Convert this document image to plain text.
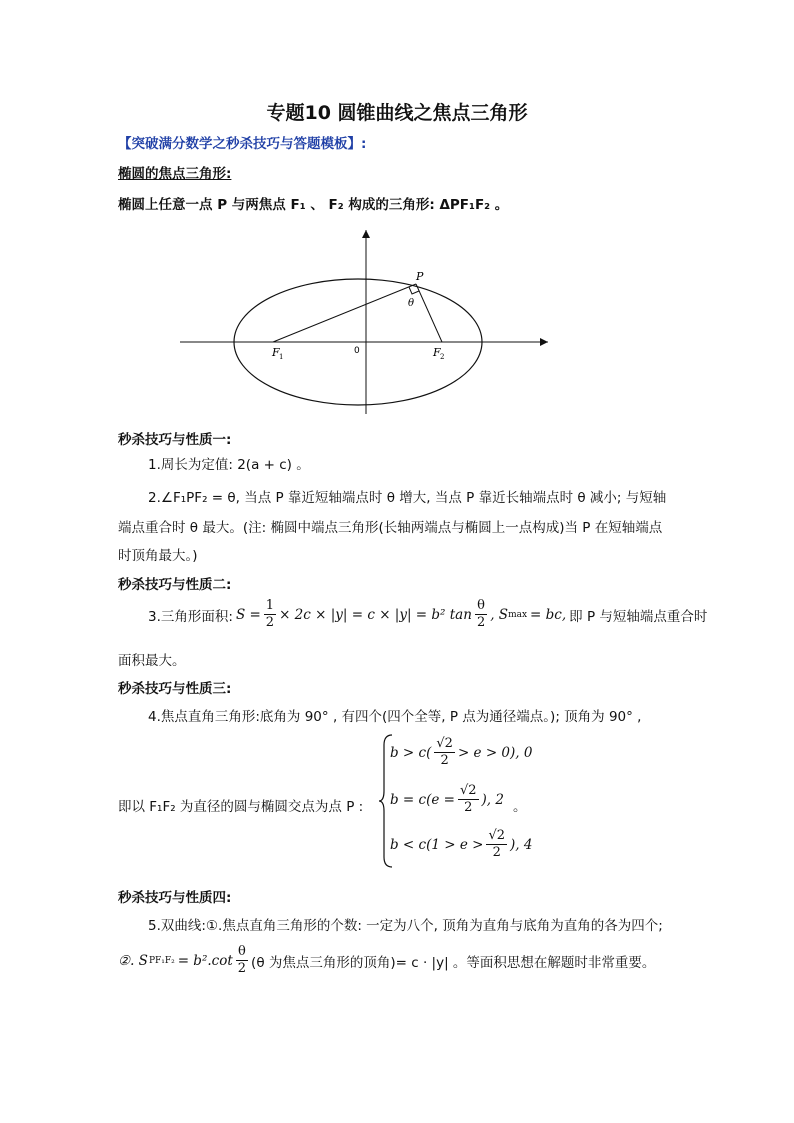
专题10 圆锥曲线之焦点三角形
【突破满分数学之秒杀技巧与答题模板】:
椭圆的焦点三角形:
椭圆上任意一点 P 与两焦点 F₁ 、 F₂ 构成的三角形: ΔPF₁F₂ 。
P
θ
F 1	F 2
0
秒杀技巧与性质一:
1.周长为定值: 2(a + c) 。
2.∠F₁PF₂ = θ, 当点 P 靠近短轴端点时 θ 增大, 当点 P 靠近长轴端点时 θ 减小; 与短轴
端点重合时 θ 最大。(注: 椭圆中端点三角形(长轴两端点与椭圆上一点构成)当 P 在短轴端点
时顶角最大。)
秒杀技巧与性质二:
3.三角形面积: $S = \frac{1}{2} \times 2c \times |y| = c \times |y| = b^2$ $\tan \frac{\theta}{2}$ , S max = bc, 即 P 与短轴端点重合时
面积最大。
秒杀技巧与性质三:
4.焦点直角三角形:底角为 90° , 有四个(四个全等, P 点为通径端点。); 顶角为 90° ,
即以 F₁F₂ 为直径的圆与椭圆交点为点 P :
$b > c( \frac{√2}{2} > e > 0)$, 0
$b = c(e = \frac{√2}{2}$ ), 2 。
$b < c(1 > e > \frac{√2}{2}$ ), 4
秒杀技巧与性质四:
5.双曲线:①.焦点直角三角形的个数: 一定为八个, 顶角为直角与底角为直角的各为四个;
②. S $PF_1F_2 = b^2.\cot \frac{\theta}{2} (\theta$ 为焦点三角形的顶角)= c · |y| 。等面积思想在解题时非常重要。
